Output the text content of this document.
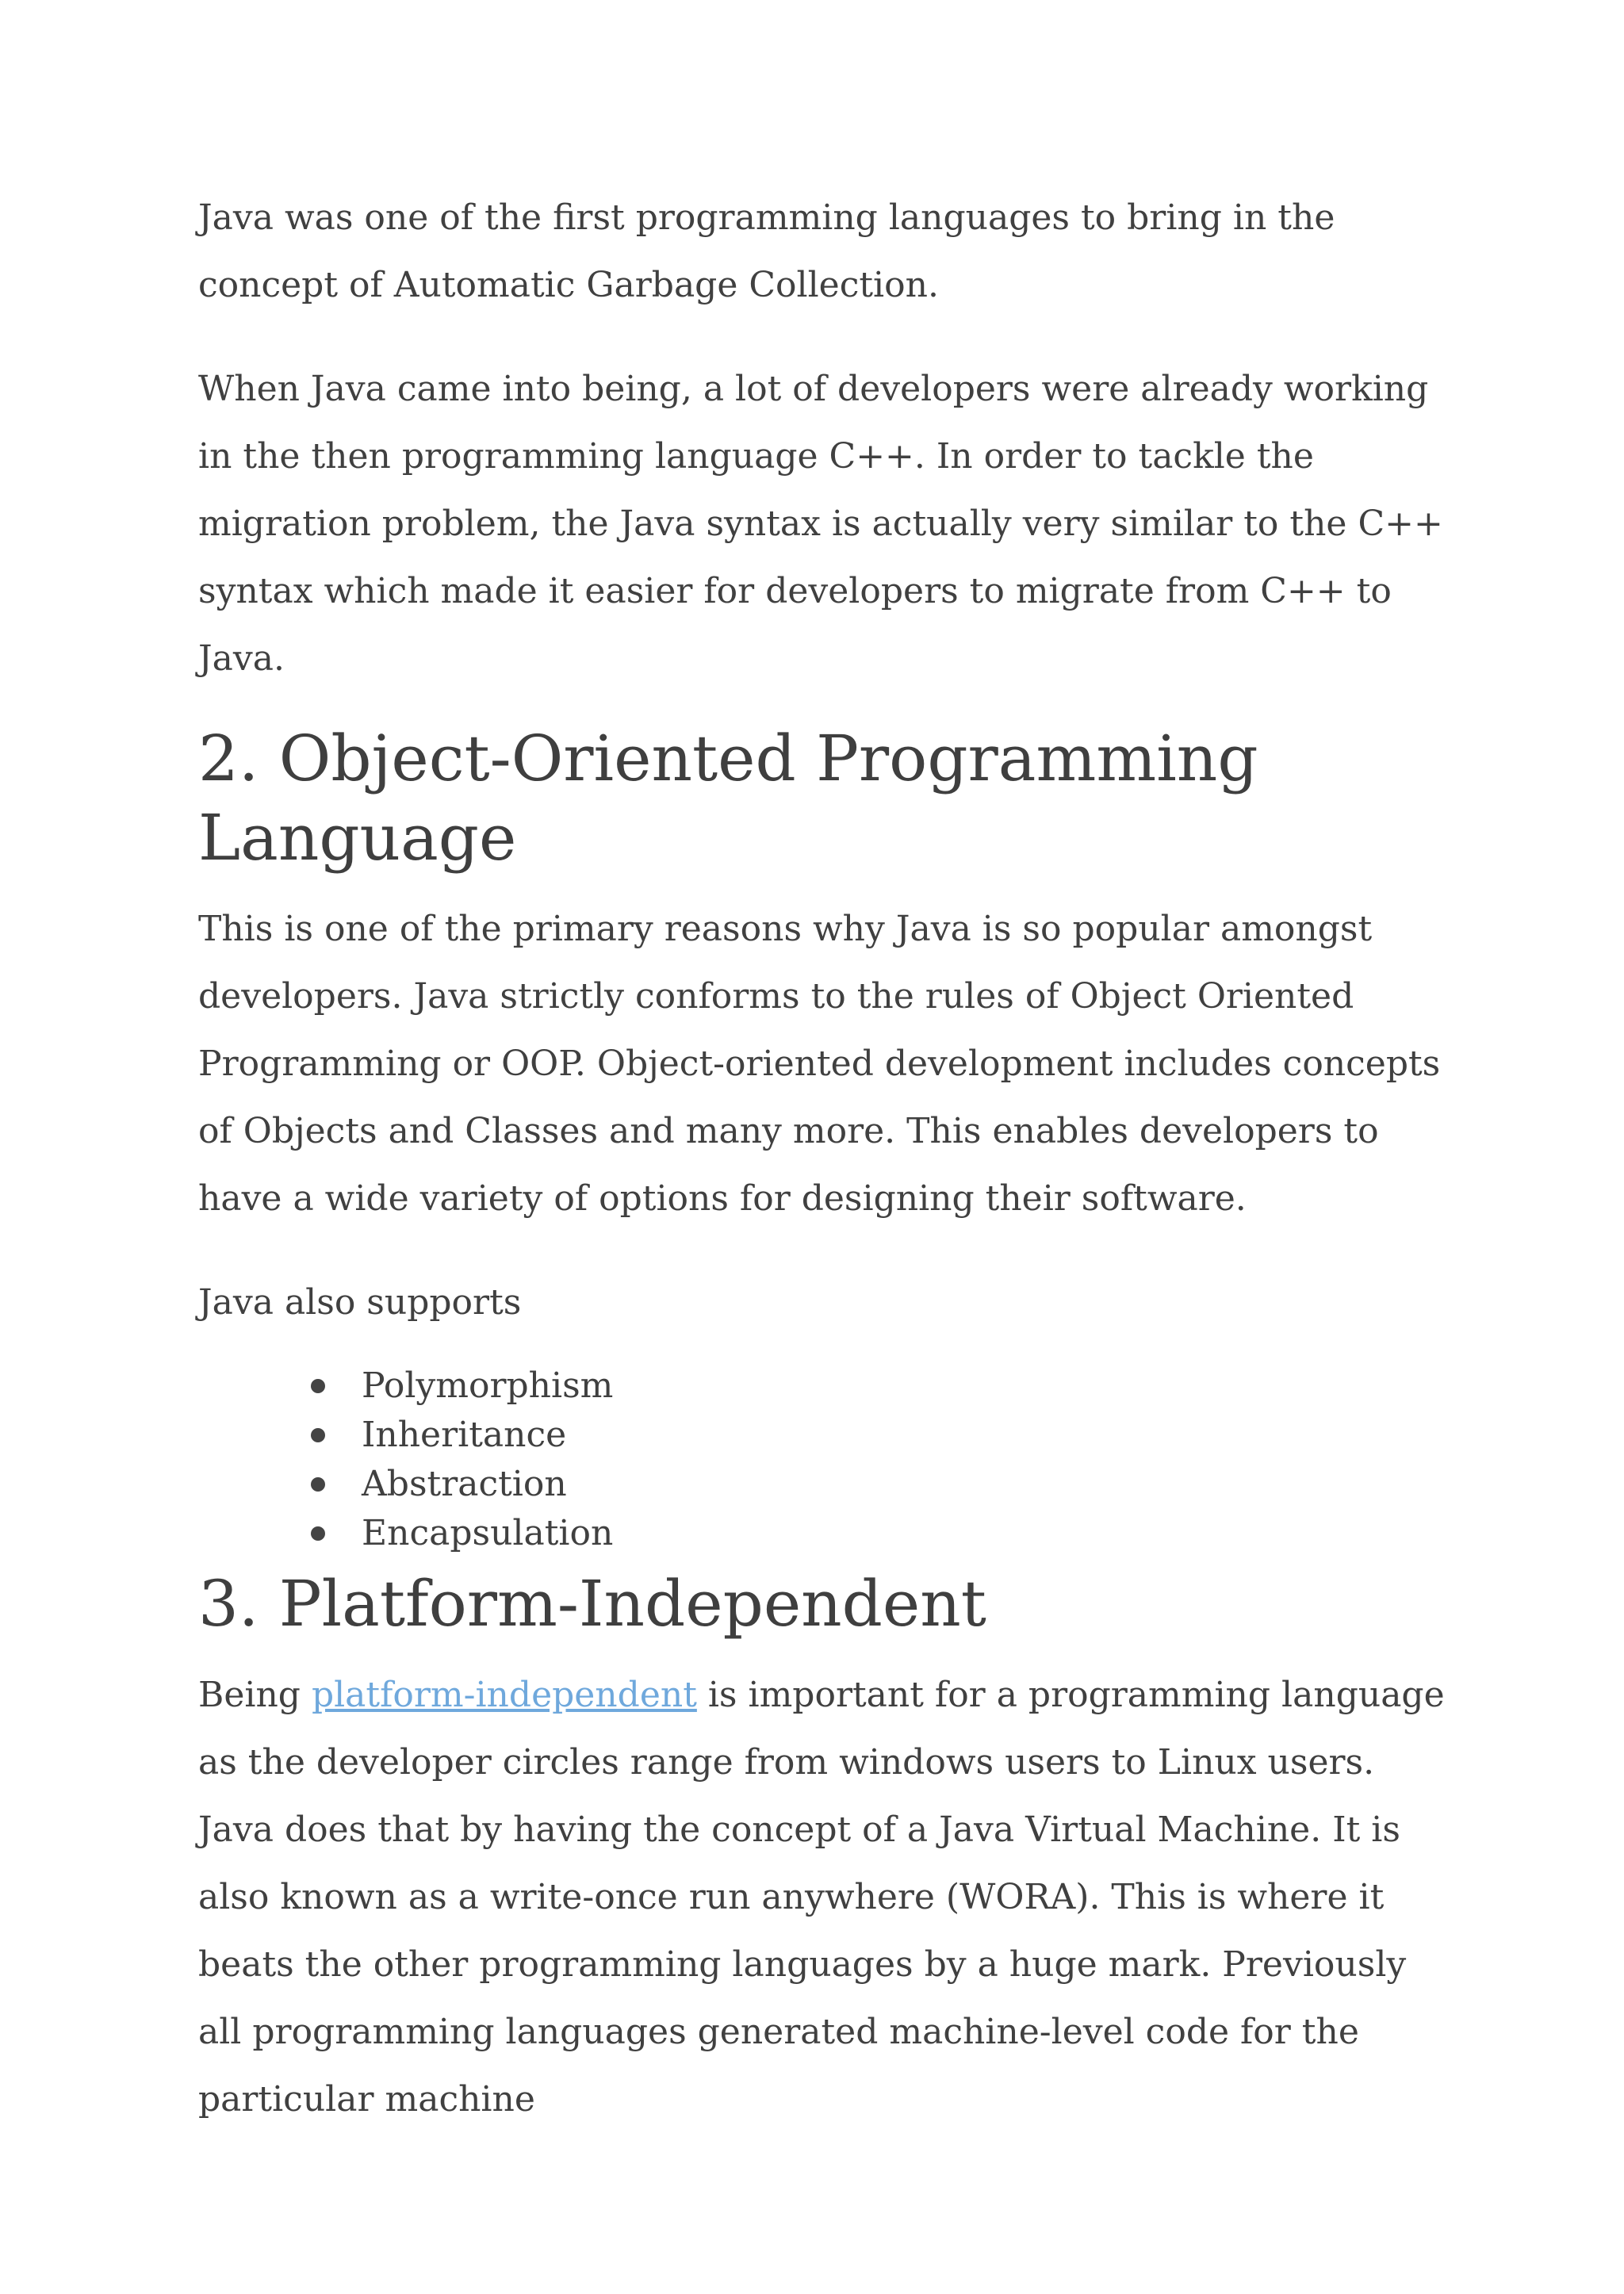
Java was one of the first programming languages to bring in the concept of Automatic Garbage Collection.

When Java came into being, a lot of developers were already working in the then programming language C++. In order to tackle the migration problem, the Java syntax is actually very similar to the C++ syntax which made it easier for developers to migrate from C++ to Java.

2. Object-Oriented Programming Language

This is one of the primary reasons why Java is so popular amongst developers. Java strictly conforms to the rules of Object Oriented Programming or OOP. Object-oriented development includes concepts of Objects and Classes and many more. This enables developers to have a wide variety of options for designing their software.

Java also supports

Polymorphism
Inheritance
Abstraction
Encapsulation
3. Platform-Independent

Being platform-independent is important for a programming language as the developer circles range from windows users to Linux users. Java does that by having the concept of a Java Virtual Machine. It is also known as a write-once run anywhere (WORA). This is where it beats the other programming languages by a huge mark. Previously all programming languages generated machine-level code for the particular machine
